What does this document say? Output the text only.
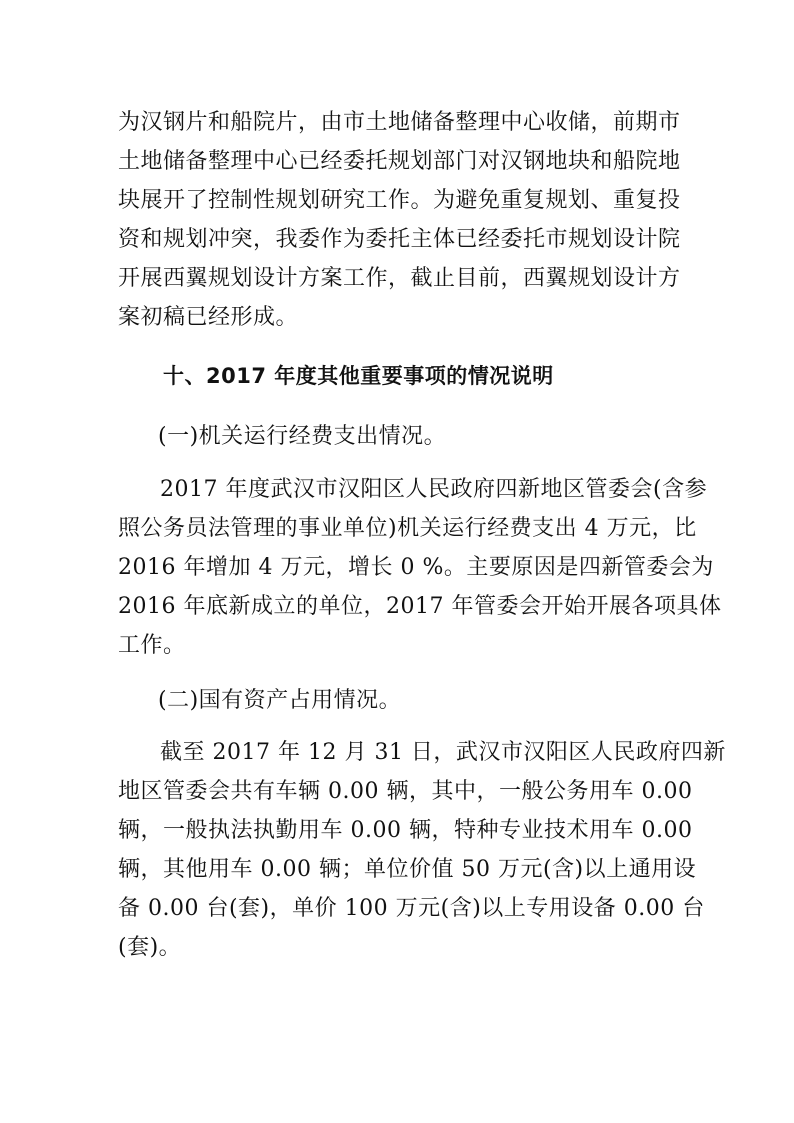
为汉钢片和船院片，由市土地储备整理中心收储，前期市
土地储备整理中心已经委托规划部门对汉钢地块和船院地
块展开了控制性规划研究工作。为避免重复规划、重复投
资和规划冲突，我委作为委托主体已经委托市规划设计院
开展西翼规划设计方案工作，截止目前，西翼规划设计方
案初稿已经形成。
十、2017 年度其他重要事项的情况说明
(一)机关运行经费支出情况。
2017 年度武汉市汉阳区人民政府四新地区管委会(含参
照公务员法管理的事业单位)机关运行经费支出 4 万元，比
2016 年增加 4 万元，增长 0 %。主要原因是四新管委会为
2016 年底新成立的单位，2017 年管委会开始开展各项具体
工作。
(二)国有资产占用情况。
截至 2017 年 12 月 31 日，武汉市汉阳区人民政府四新
地区管委会共有车辆 0.00 辆，其中，一般公务用车 0.00
辆，一般执法执勤用车 0.00 辆，特种专业技术用车 0.00
辆，其他用车 0.00 辆；单位价值 50 万元(含)以上通用设
备 0.00 台(套)，单价 100 万元(含)以上专用设备 0.00 台
(套)。
